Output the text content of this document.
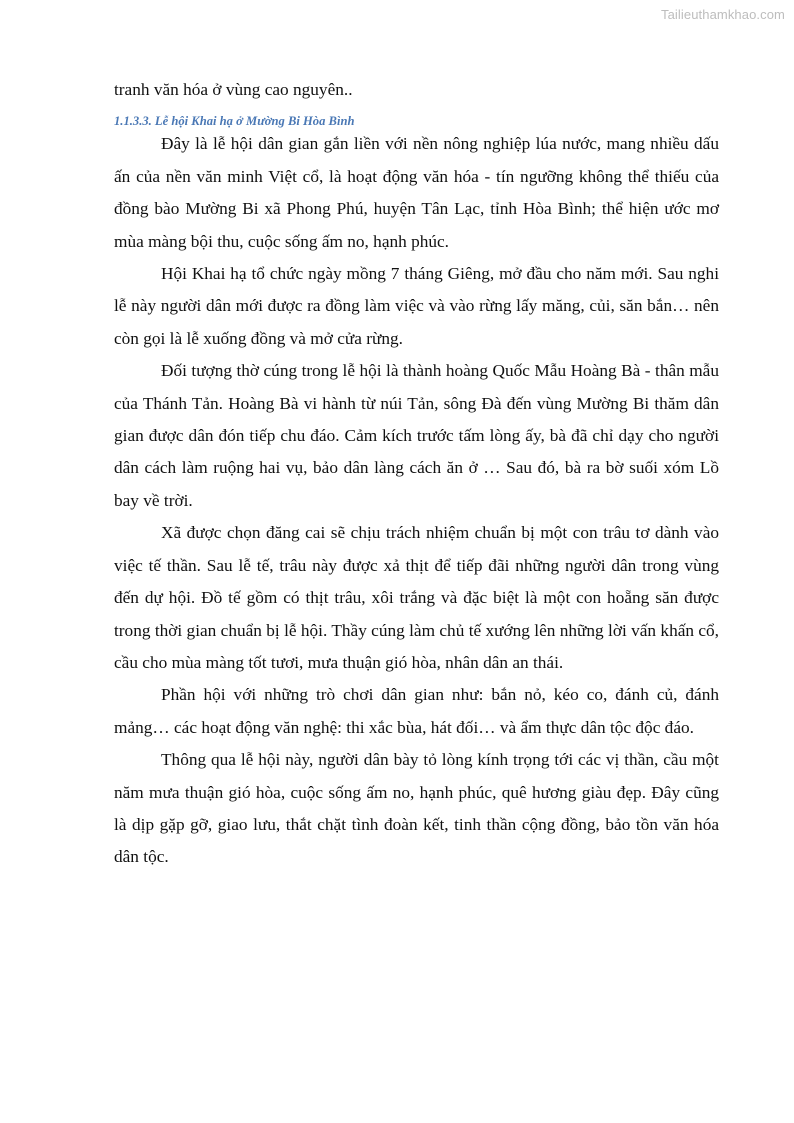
Tailieuthamkhao.com

tranh văn hóa ở vùng cao nguyên..

1.1.3.3. Lễ hội Khai hạ ở Mường Bi Hòa Bình

Đây là lễ hội dân gian gắn liền với nền nông nghiệp lúa nước, mang nhiều dấu ấn của nền văn minh Việt cổ, là hoạt động văn hóa - tín ngưỡng không thể thiếu của đồng bào Mường Bi xã Phong Phú, huyện Tân Lạc, tỉnh Hòa Bình; thể hiện ước mơ mùa màng bội thu, cuộc sống ấm no, hạnh phúc.

Hội Khai hạ tổ chức ngày mồng 7 tháng Giêng, mở đầu cho năm mới. Sau nghi lễ này người dân mới được ra đồng làm việc và vào rừng lấy măng, củi, săn bắn… nên còn gọi là lễ xuống đồng và mở cửa rừng.

Đối tượng thờ cúng trong lễ hội là thành hoàng Quốc Mẫu Hoàng Bà - thân mẫu của Thánh Tản. Hoàng Bà vi hành từ núi Tản, sông Đà đến vùng Mường Bi thăm dân gian được dân đón tiếp chu đáo. Cảm kích trước tấm lòng ấy, bà đã chỉ dạy cho người dân cách làm ruộng hai vụ, bảo dân làng cách ăn ở … Sau đó, bà ra bờ suối xóm Lồ bay về trời.

Xã được chọn đăng cai sẽ chịu trách nhiệm chuẩn bị một con trâu tơ dành vào việc tế thần. Sau lễ tế, trâu này được xả thịt để tiếp đãi những người dân trong vùng đến dự hội. Đồ tế gồm có thịt trâu, xôi trắng và đặc biệt là một con hoẵng săn được trong thời gian chuẩn bị lễ hội. Thầy cúng làm chủ tế xướng lên những lời vấn khấn cổ, cầu cho mùa màng tốt tươi, mưa thuận gió hòa, nhân dân an thái.

Phần hội với những trò chơi dân gian như: bắn nỏ, kéo co, đánh củ, đánh mảng… các hoạt động văn nghệ: thi xắc bùa, hát đối… và ẩm thực dân tộc độc đáo.

Thông qua lễ hội này, người dân bày tỏ lòng kính trọng tới các vị thần, cầu một năm mưa thuận gió hòa, cuộc sống ấm no, hạnh phúc, quê hương giàu đẹp. Đây cũng là dịp gặp gỡ, giao lưu, thắt chặt tình đoàn kết, tinh thần cộng đồng, bảo tồn văn hóa dân tộc.
